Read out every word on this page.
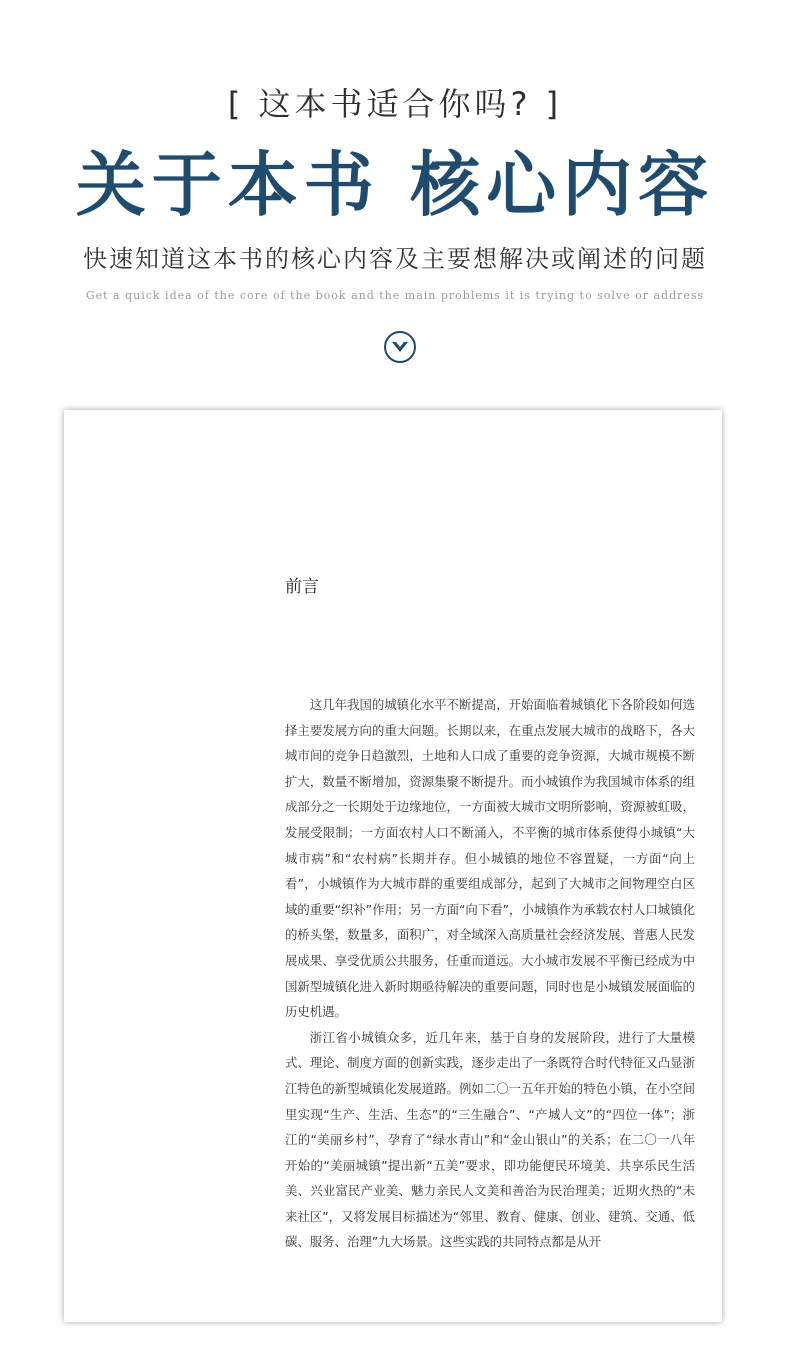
[ 这本书适合你吗? ]
关于本书 核心内容
快速知道这本书的核心内容及主要想解决或阐述的问题
Get a quick idea of the core of the book and the main problems it is trying to solve or address
前言

这几年我国的城镇化水平不断提高，开始面临着城镇化下各阶段如何选择主要发展方向的重大问题。长期以来，在重点发展大城市的战略下，各大城市间的竞争日趋激烈，土地和人口成了重要的竞争资源，大城市规模不断扩大，数量不断增加，资源集聚不断提升。而小城镇作为我国城市体系的组成部分之一长期处于边缘地位，一方面被大城市文明所影响，资源被虹吸，发展受限制；一方面农村人口不断涌入，不平衡的城市体系使得小城镇“大城市病”和“农村病”长期并存。但小城镇的地位不容置疑，一方面“向上看”，小城镇作为大城市群的重要组成部分，起到了大城市之间物理空白区域的重要“织补”作用；另一方面“向下看”，小城镇作为承载农村人口城镇化的桥头堡，数量多，面积广，对全域深入高质量社会经济发展、普惠人民发展成果、享受优质公共服务，任重而道远。大小城市发展不平衡已经成为中国新型城镇化进入新时期亟待解决的重要问题，同时也是小城镇发展面临的历史机遇。

浙江省小城镇众多，近几年来，基于自身的发展阶段，进行了大量模式、理论、制度方面的创新实践，逐步走出了一条既符合时代特征又凸显浙江特色的新型城镇化发展道路。例如二〇一五年开始的特色小镇，在小空间里实现“生产、生活、生态”的“三生融合”、“产城人文”的“四位一体”；浙江的“美丽乡村”，孕育了“绿水青山”和“金山银山”的关系；在二〇一八年开始的“美丽城镇”提出新“五美”要求，即功能便民环境美、共享乐民生活美、兴业富民产业美、魅力亲民人文美和善治为民治理美；近期火热的“未来社区”，又将发展目标描述为“邻里、教育、健康、创业、建筑、交通、低碳、服务、治理”九大场景。这些实践的共同特点都是从开
